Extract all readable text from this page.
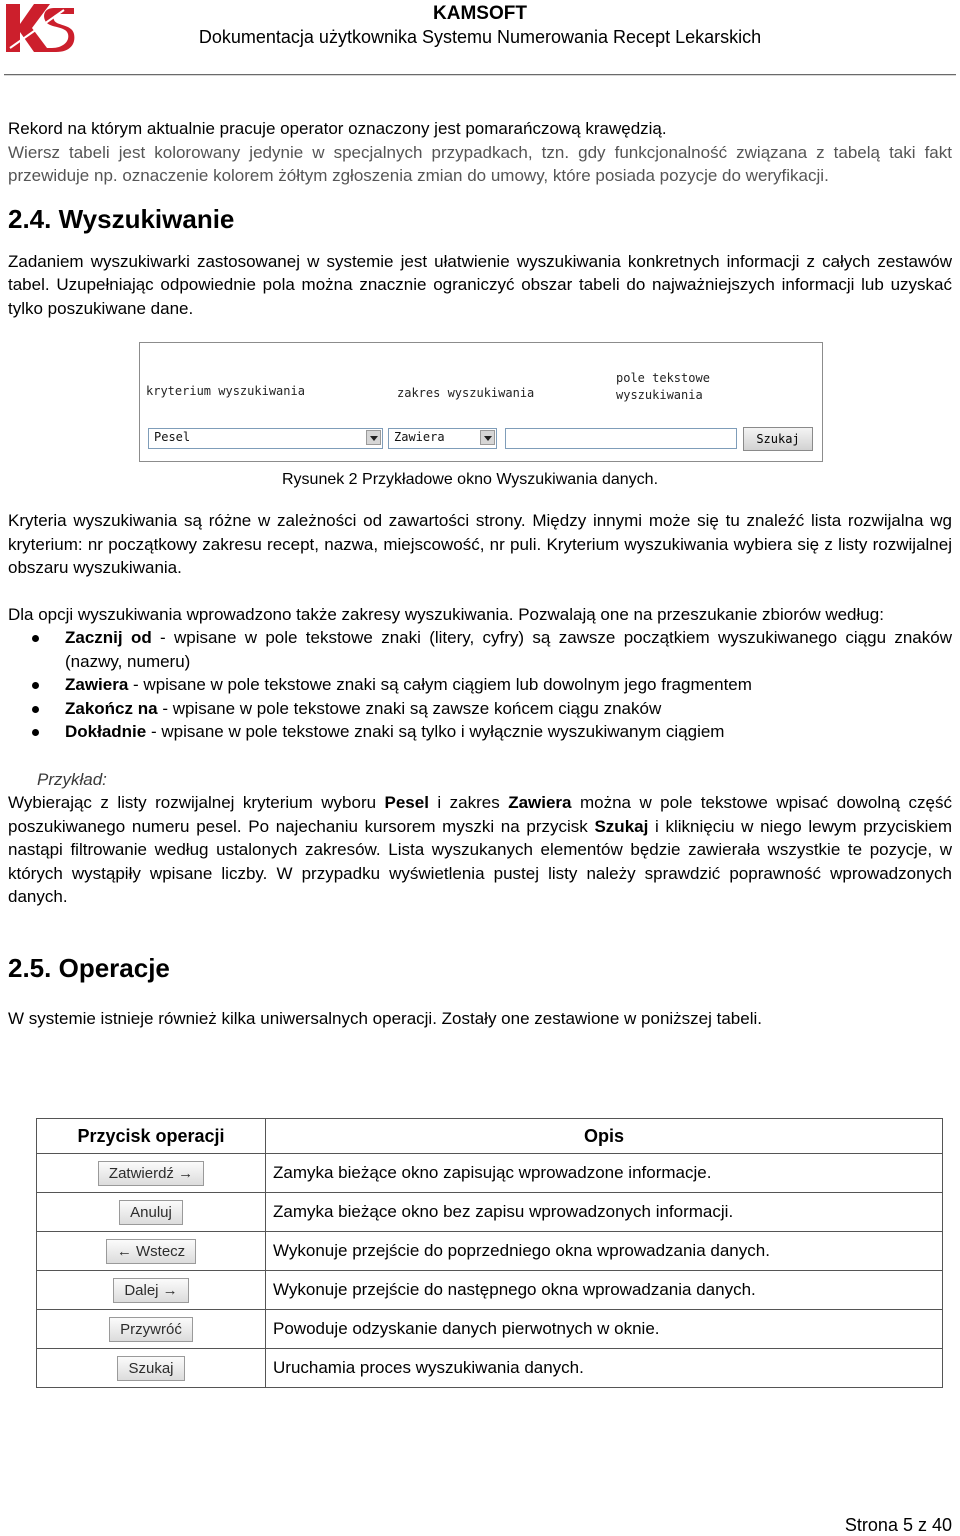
KAMSOFT
Dokumentacja użytkownika Systemu Numerowania Recept Lekarskich

Rekord na którym aktualnie pracuje operator oznaczony jest pomarańczową krawędzią.

Wiersz tabeli jest kolorowany jedynie w specjalnych przypadkach, tzn. gdy funkcjonalność związana z tabelą taki fakt przewiduje np. oznaczenie kolorem żółtym zgłoszenia zmian do umowy, które posiada pozycje do weryfikacji.

2.4. Wyszukiwanie

Zadaniem wyszukiwarki zastosowanej w systemie jest ułatwienie wyszukiwania konkretnych informacji z całych zestawów tabel. Uzupełniając odpowiednie pola można znacznie ograniczyć obszar tabeli do najważniejszych informacji lub uzyskać tylko poszukiwane dane.

kryterium wyszukiwania	zakres wyszukiwania
pole tekstowe
wyszukiwania
Pesel	Zawiera	Szukaj
Rysunek 2 Przykładowe okno Wyszukiwania danych.

Kryteria wyszukiwania są różne w zależności od zawartości strony. Między innymi może się tu znaleźć lista rozwijalna wg kryterium: nr początkowy zakresu recept, nazwa, miejscowość, nr puli. Kryterium wyszukiwania wybiera się z listy rozwijalnej obszaru wyszukiwania.

Dla opcji wyszukiwania wprowadzono także zakresy wyszukiwania. Pozwalają one na przeszukanie zbiorów według:

Zacznij od - wpisane w pole tekstowe znaki (litery, cyfry) są zawsze początkiem wyszukiwanego ciągu znaków (nazwy, numeru)
Zawiera - wpisane w pole tekstowe znaki są całym ciągiem lub dowolnym jego fragmentem
Zakończ na - wpisane w pole tekstowe znaki są zawsze końcem ciągu znaków
Dokładnie - wpisane w pole tekstowe znaki są tylko i wyłącznie wyszukiwanym ciągiem
Przykład:

Wybierając z listy rozwijalnej kryterium wyboru Pesel i zakres Zawiera można w pole tekstowe wpisać dowolną część poszukiwanego numeru pesel. Po najechaniu kursorem myszki na przycisk Szukaj i kliknięciu w niego lewym przyciskiem nastąpi filtrowanie według ustalonych zakresów. Lista wyszukanych elementów będzie zawierała wszystkie te pozycje, w których wystąpiły wpisane liczby. W przypadku wyświetlenia pustej listy należy sprawdzić poprawność wprowadzonych danych.

2.5. Operacje

W systemie istnieje również kilka uniwersalnych operacji. Zostały one zestawione w poniższej tabeli.

Przycisk operacji	Opis
Zatwierdź →	Zamyka bieżące okno zapisując wprowadzone informacje.
Anuluj	Zamyka bieżące okno bez zapisu wprowadzonych informacji.
← Wstecz	Wykonuje przejście do poprzedniego okna wprowadzania danych.
Dalej →	Wykonuje przejście do następnego okna wprowadzania danych.
Przywróć	Powoduje odzyskanie danych pierwotnych w oknie.
Szukaj	Uruchamia proces wyszukiwania danych.
Strona 5 z 40
